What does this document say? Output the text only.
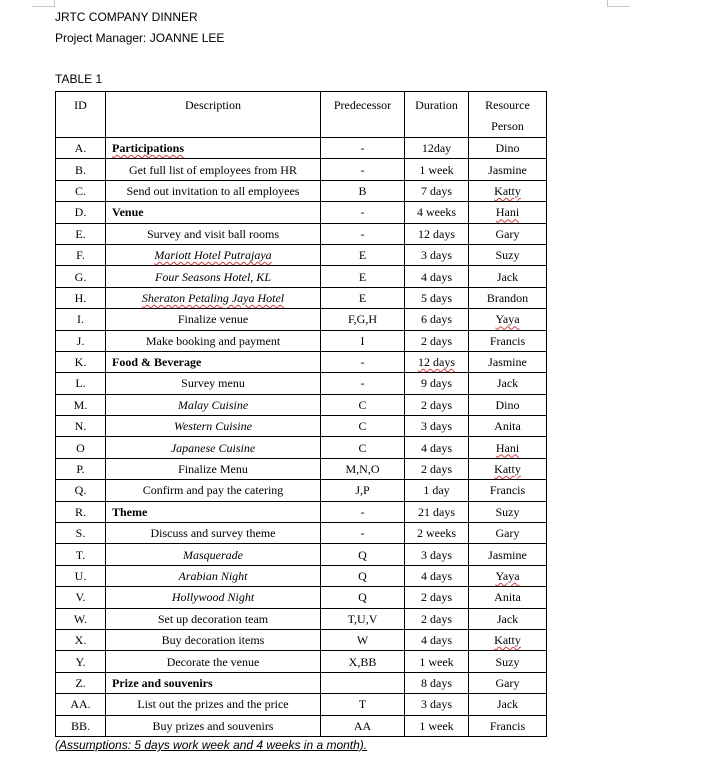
JRTC COMPANY DINNER
Project Manager: JOANNE LEE
TABLE 1
ID	Description	Predecessor	Duration	Resource Person
A.	Participations	-	12day	Dino
B.	Get full list of employees from HR	-	1 week	Jasmine
C.	Send out invitation to all employees	B	7 days	Katty
D.	Venue	-	4 weeks	Hani
E.	Survey and visit ball rooms	-	12 days	Gary
F.	Mariott Hotel Putrajaya	E	3 days	Suzy
G.	Four Seasons Hotel, KL	E	4 days	Jack
H.	Sheraton Petaling Jaya Hotel	E	5 days	Brandon
I.	Finalize venue	F,G,H	6 days	Yaya
J.	Make booking and payment	I	2 days	Francis
K.	Food & Beverage	-	12 days	Jasmine
L.	Survey menu	-	9 days	Jack
M.	Malay Cuisine	C	2 days	Dino
N.	Western Cuisine	C	3 days	Anita
O	Japanese Cuisine	C	4 days	Hani
P.	Finalize Menu	M,N,O	2 days	Katty
Q.	Confirm and pay the catering	J,P	1 day	Francis
R.	Theme	-	21 days	Suzy
S.	Discuss and survey theme	-	2 weeks	Gary
T.	Masquerade	Q	3 days	Jasmine
U.	Arabian Night	Q	4 days	Yaya
V.	Hollywood Night	Q	2 days	Anita
W.	Set up decoration team	T,U,V	2 days	Jack
X.	Buy decoration items	W	4 days	Katty
Y.	Decorate the venue	X,BB	1 week	Suzy
Z.	Prize and souvenirs		8 days	Gary
AA.	List out the prizes and the price	T	3 days	Jack
BB.	Buy prizes and souvenirs	AA	1 week	Francis
(Assumptions: 5 days work week and 4 weeks in a month).
